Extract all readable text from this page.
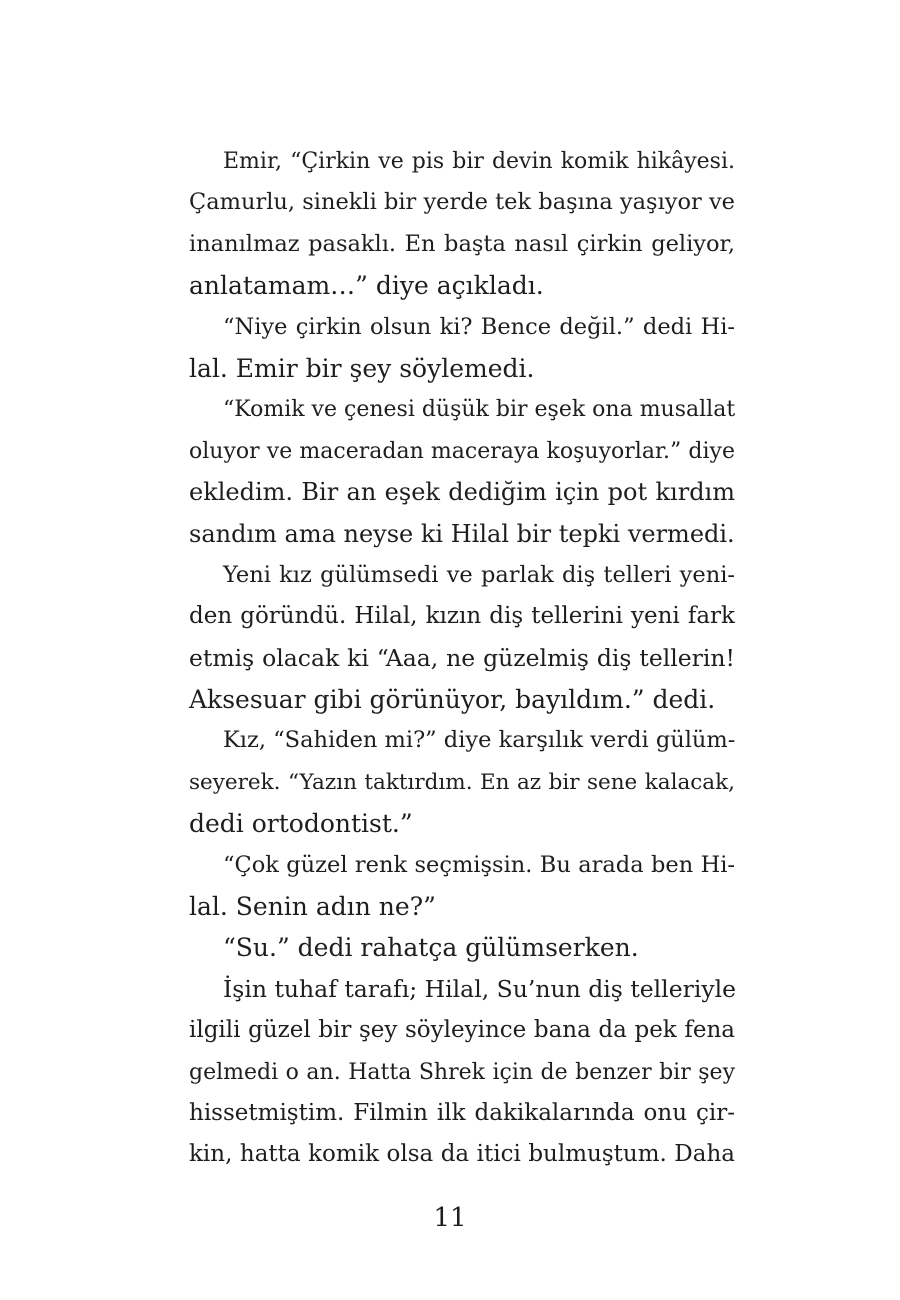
Emir, “Çirkin ve pis bir devin komik hikâyesi.
Çamurlu, sinekli bir yerde tek başına yaşıyor ve
inanılmaz pasaklı. En başta nasıl çirkin geliyor,
anlatamam…” diye açıkladı.
“Niye çirkin olsun ki? Bence değil.” dedi Hi-
lal. Emir bir şey söylemedi.
“Komik ve çenesi düşük bir eşek ona musallat
oluyor ve maceradan maceraya koşuyorlar.” diye
ekledim. Bir an eşek dediğim için pot kırdım
sandım ama neyse ki Hilal bir tepki vermedi.
Yeni kız gülümsedi ve parlak diş telleri yeni-
den göründü. Hilal, kızın diş tellerini yeni fark
etmiş olacak ki “Aaa, ne güzelmiş diş tellerin!
Aksesuar gibi görünüyor, bayıldım.” dedi.
Kız, “Sahiden mi?” diye karşılık verdi gülüm-
seyerek. “Yazın taktırdım. En az bir sene kalacak,
dedi ortodontist.”
“Çok güzel renk seçmişsin. Bu arada ben Hi-
lal. Senin adın ne?”
“Su.” dedi rahatça gülümserken.
İşin tuhaf tarafı; Hilal, Su’nun diş telleriyle
ilgili güzel bir şey söyleyince bana da pek fena
gelmedi o an. Hatta Shrek için de benzer bir şey
hissetmiştim. Filmin ilk dakikalarında onu çir-
kin, hatta komik olsa da itici bulmuştum. Daha
11
